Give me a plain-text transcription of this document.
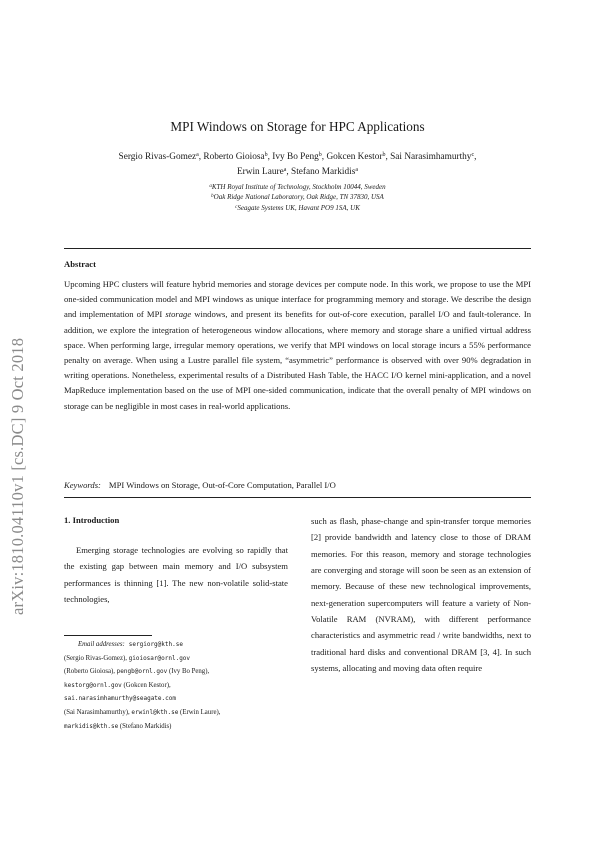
arXiv:1810.04110v1 [cs.DC] 9 Oct 2018
MPI Windows on Storage for HPC Applications
Sergio Rivas-Gomez$^a$, Roberto Gioiosa$^b$, Ivy Bo Peng$^b$, Gokcen Kestor$^b$, Sai Narasimhamurthy$^c$,
Erwin Laure$^a$, Stefano Markidis$^a$
$^a$KTH Royal Institute of Technology, Stockholm 10044, Sweden
$^b$Oak Ridge National Laboratory, Oak Ridge, TN 37830, USA
$^c$Seagate Systems UK, Havant PO9 1SA, UK
Abstract
Upcoming HPC clusters will feature hybrid memories and storage devices per compute node. In this work, we propose to use the MPI one-sided communication model and MPI windows as unique interface for programming memory and storage. We describe the design and implementation of MPI storage windows, and present its benefits for out-of-core execution, parallel I/O and fault-tolerance. In addition, we explore the integration of heterogeneous window allocations, where memory and storage share a unified virtual address space. When performing large, irregular memory operations, we verify that MPI windows on local storage incurs a 55% performance penalty on average. When using a Lustre parallel file system, “asymmetric” performance is observed with over 90% degradation in writing operations. Nonetheless, experimental results of a Distributed Hash Table, the HACC I/O kernel mini-application, and a novel MapReduce implementation based on the use of MPI one-sided communication, indicate that the overall penalty of MPI windows on storage can be negligible in most cases in real-world applications.
Keywords: MPI Windows on Storage, Out-of-Core Computation, Parallel I/O
1. Introduction
Emerging storage technologies are evolving so rapidly that the existing gap between main memory and I/O subsystem performances is thinning [1]. The new non-volatile solid-state technologies,
such as flash, phase-change and spin-transfer torque memories [2] provide bandwidth and latency close to those of DRAM memories. For this reason, memory and storage technologies are converging and storage will soon be seen as an extension of memory. Because of these new technological improvements, next-generation supercomputers will feature a variety of Non-Volatile RAM (NVRAM), with different performance characteristics and asymmetric read / write bandwidths, next to traditional hard disks and conventional DRAM [3, 4]. In such systems, allocating and moving data often require
Email addresses: sergiorg@kth.se
(Sergio Rivas-Gomez), gioiosar@ornl.gov
(Roberto Gioiosa), pengb@ornl.gov (Ivy Bo Peng),
kestorg@ornl.gov (Gokcen Kestor),
sai.narasimhamurthy@seagate.com
(Sai Narasimhamurthy), erwinl@kth.se (Erwin Laure),
markidis@kth.se (Stefano Markidis)
